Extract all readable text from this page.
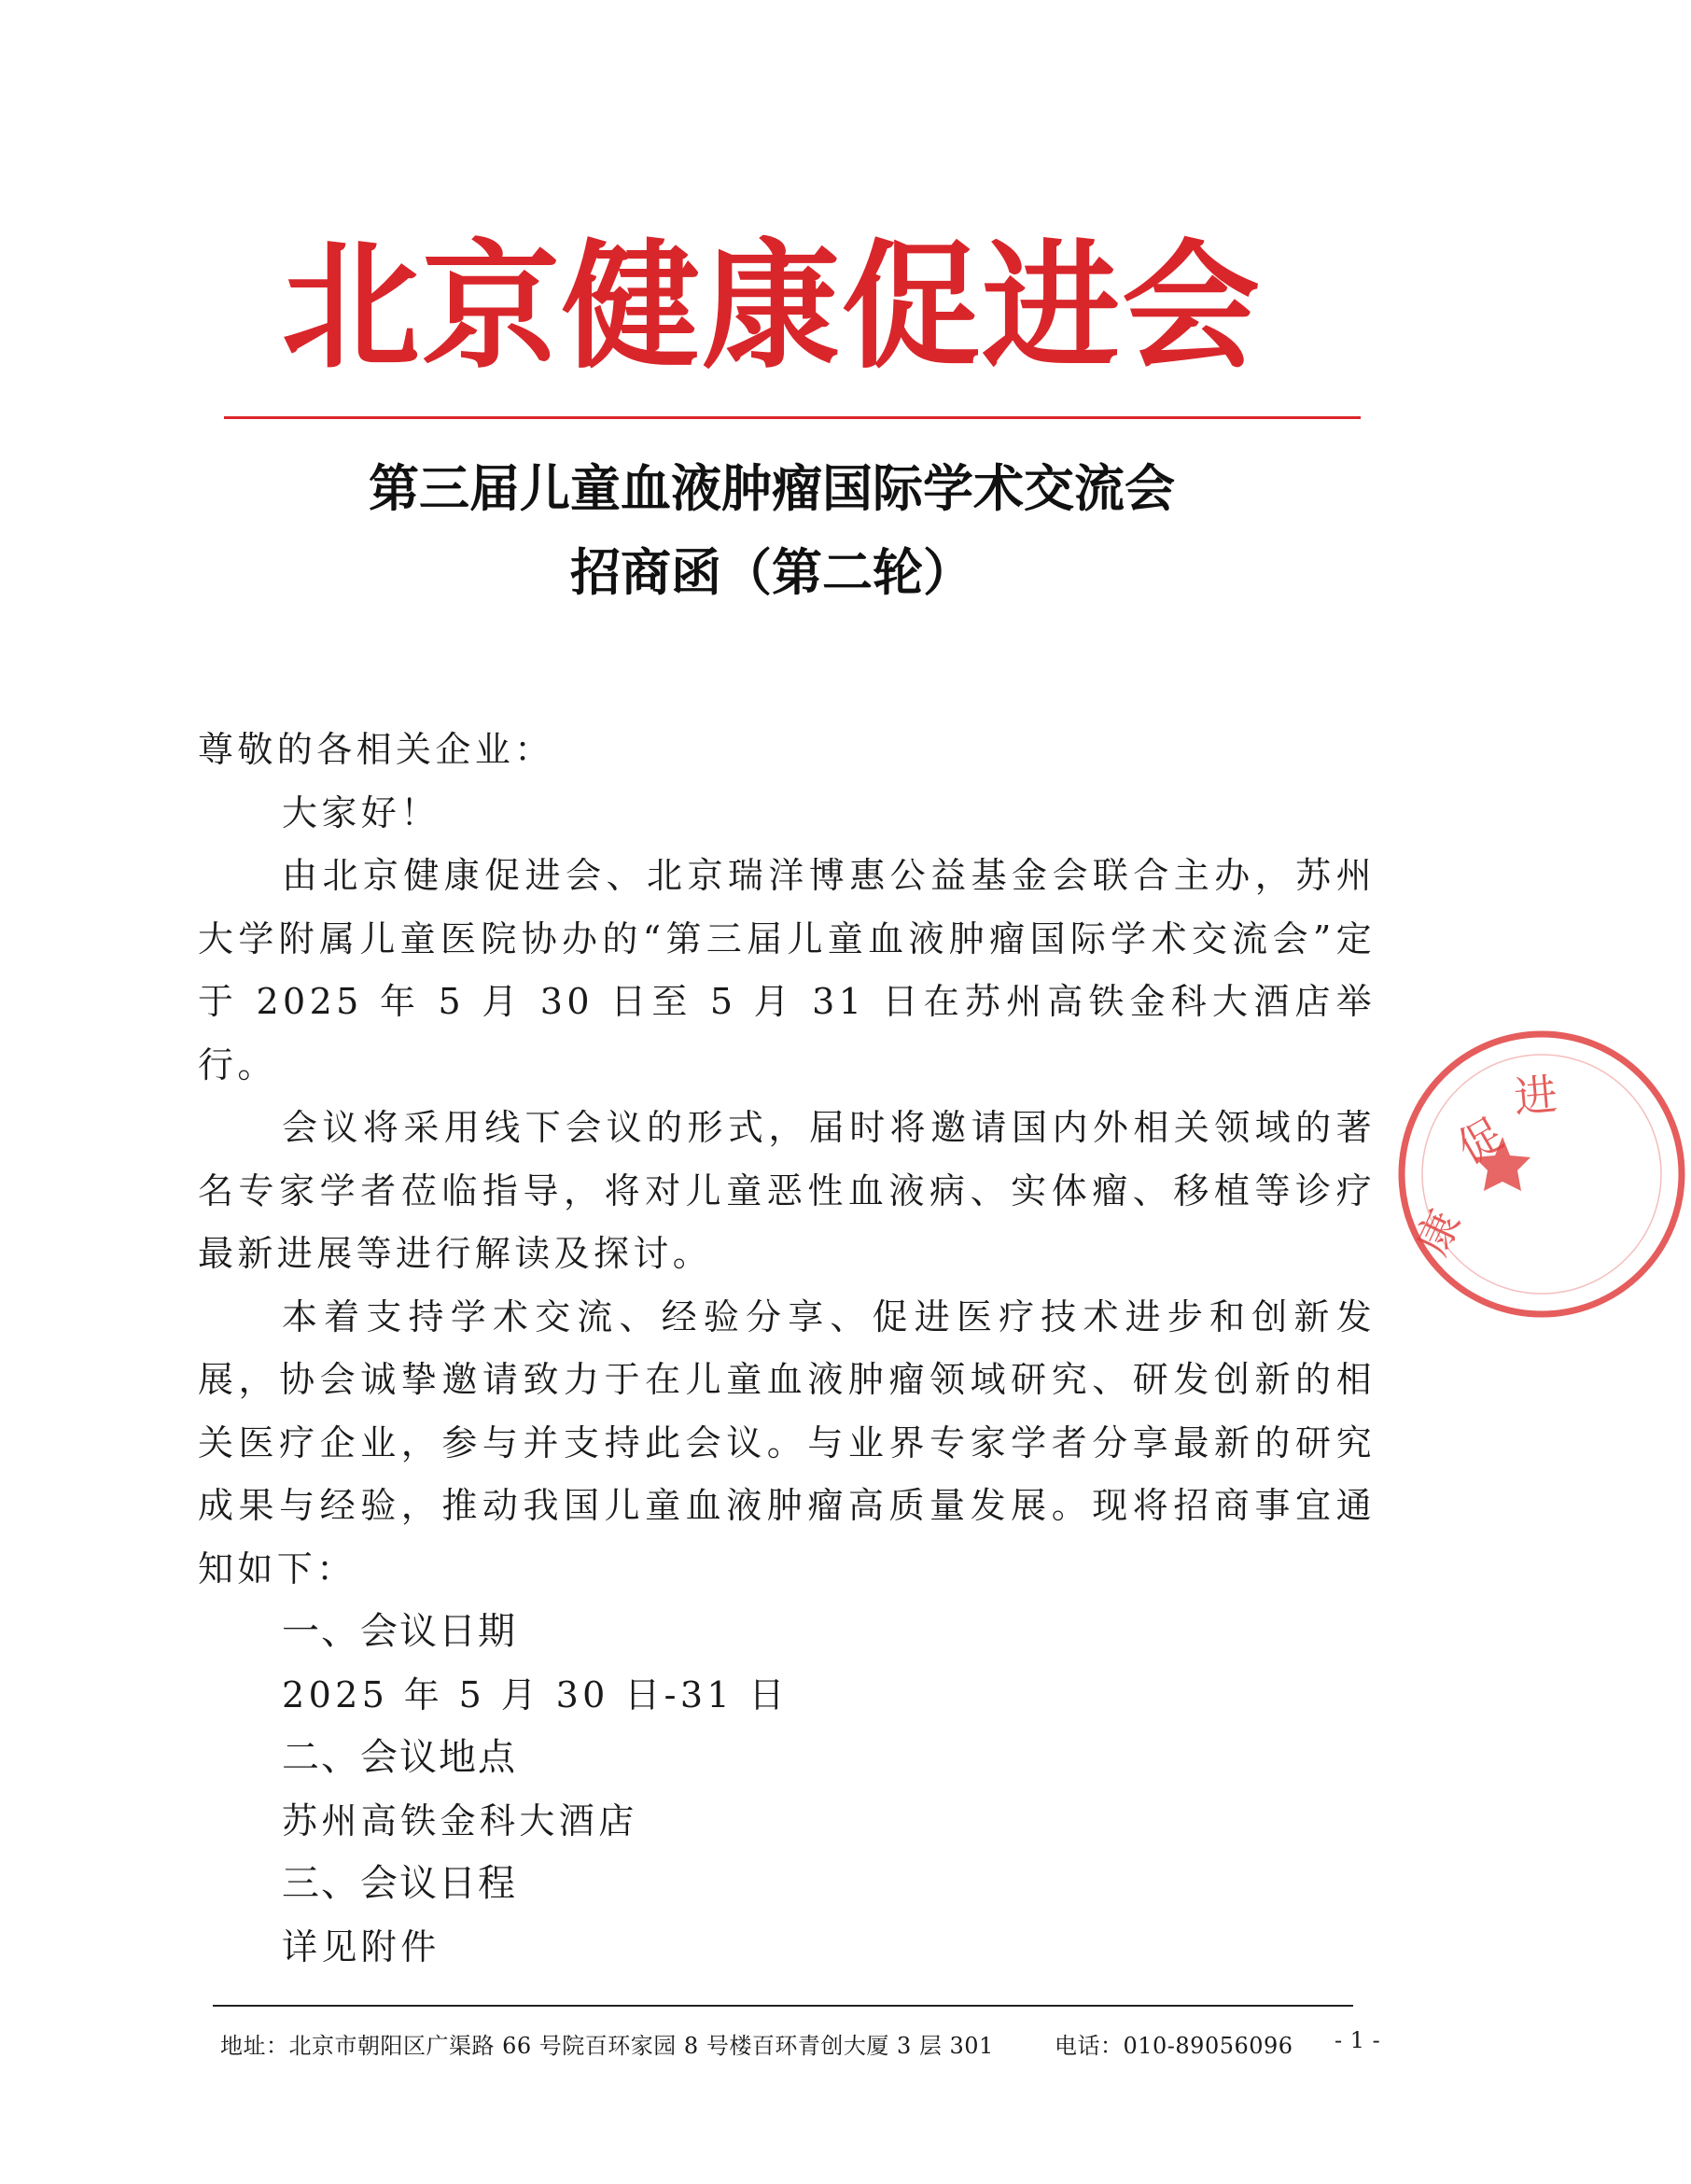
北京健康促进会
第三届儿童血液肿瘤国际学术交流会
招商函（第二轮）

尊敬的各相关企业：

大家好！

由北京健康促进会、北京瑞洋博惠公益基金会联合主办，苏州大学附属儿童医院协办的“第三届儿童血液肿瘤国际学术交流会”定于 2025 年 5 月 30 日至 5 月 31 日在苏州高铁金科大酒店举行。

会议将采用线下会议的形式，届时将邀请国内外相关领域的著名专家学者莅临指导，将对儿童恶性血液病、实体瘤、移植等诊疗最新进展等进行解读及探讨。

本着支持学术交流、经验分享、促进医疗技术进步和创新发展，协会诚挚邀请致力于在儿童血液肿瘤领域研究、研发创新的相关医疗企业，参与并支持此会议。与业界专家学者分享最新的研究成果与经验，推动我国儿童血液肿瘤高质量发展。现将招商事宜通知如下：

一、会议日期

2025 年 5 月 30 日-31 日

二、会议地点

苏州高铁金科大酒店

三、会议日程

详见附件

康
促
进
地址：北京市朝阳区广渠路 66 号院百环家园 8 号楼百环青创大厦 3 层 301	电话：010-89056096 - 1 -
